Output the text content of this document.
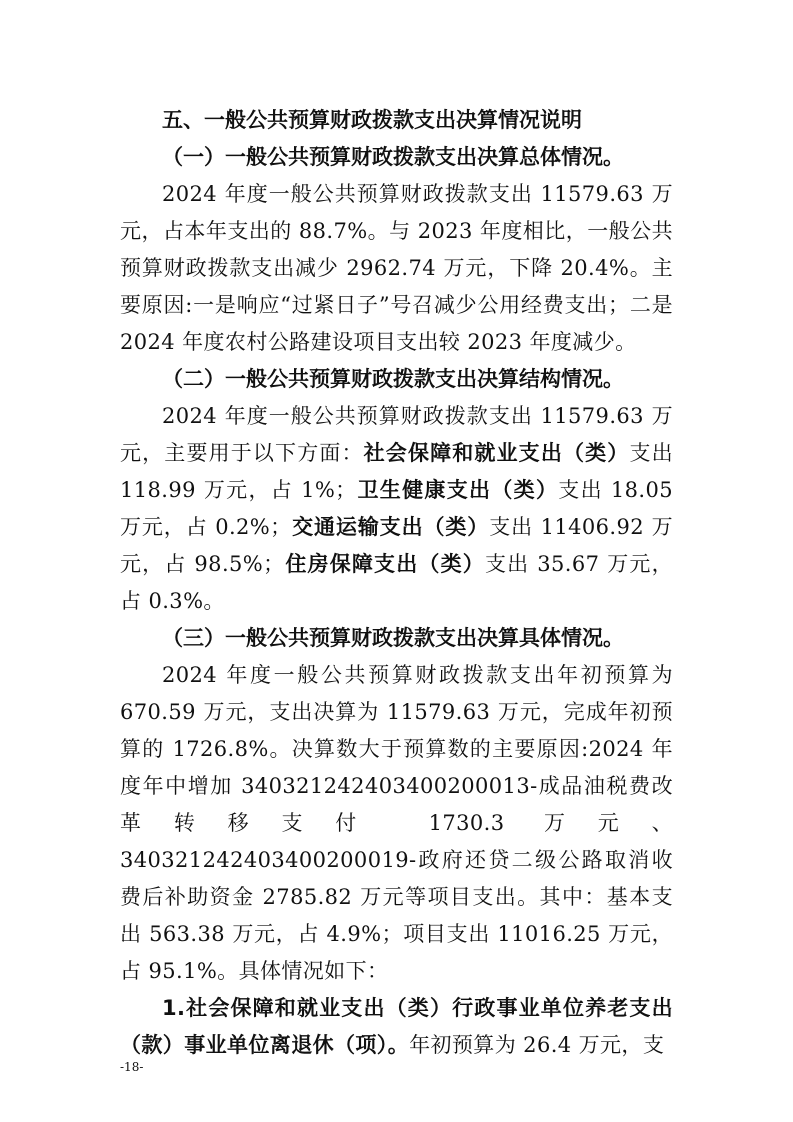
五、一般公共预算财政拨款支出决算情况说明
（一）一般公共预算财政拨款支出决算总体情况。

2024 年度一般公共预算财政拨款支出 11579.63 万元，占本年支出的 88.7%。与 2023 年度相比，一般公共预算财政拨款支出减少 2962.74 万元，下降 20.4%。主要原因:一是响应“过紧日子”号召减少公用经费支出；二是 2024 年度农村公路建设项目支出较 2023 年度减少。

（二）一般公共预算财政拨款支出决算结构情况。

2024 年度一般公共预算财政拨款支出 11579.63 万元，主要用于以下方面：社会保障和就业支出（类）支出 118.99 万元，占 1%；卫生健康支出（类）支出 18.05 万元，占 0.2%；交通运输支出（类）支出 11406.92 万元，占 98.5%；住房保障支出（类）支出 35.67 万元，占 0.3%。

（三）一般公共预算财政拨款支出决算具体情况。

2024 年度一般公共预算财政拨款支出年初预算为 670.59 万元，支出决算为 11579.63 万元，完成年初预算的 1726.8%。决算数大于预算数的主要原因:2024 年度年中增加 340321242403400200013-成品油税费改革转移支付 1730.3 万元、340321242403400200019-政府还贷二级公路取消收费后补助资金 2785.82 万元等项目支出。其中：基本支出 563.38 万元，占 4.9%；项目支出 11016.25 万元，占 95.1%。具体情况如下：

1.社会保障和就业支出（类）行政事业单位养老支出（款）事业单位离退休（项）。年初预算为 26.4 万元，支

-18-
